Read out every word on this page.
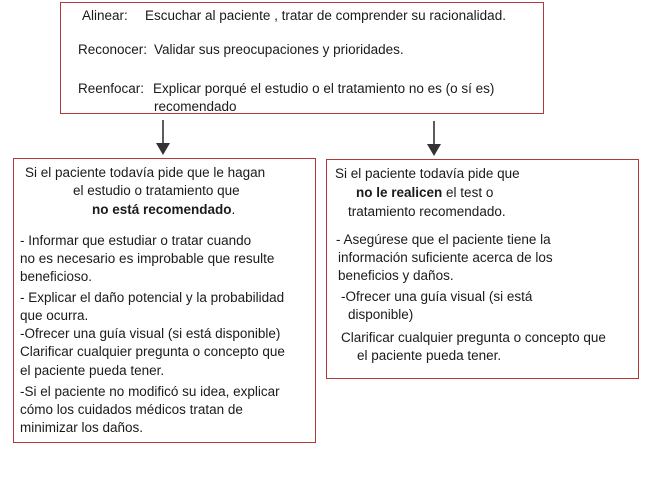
Alinear: Escuchar al paciente , tratar de comprender su racionalidad.
Reconocer: Validar sus preocupaciones y prioridades.
Reenfocar: Explicar porqué el estudio o el tratamiento no es (o sí es)
recomendado
Si el paciente todavía pide que le hagan
el estudio o tratamiento que
no está recomendado.
- Informar que estudiar o tratar cuando
no es necesario es improbable que resulte
beneficioso.
- Explicar el daño potencial y la probabilidad
que ocurra.
-Ofrecer una guía visual (si está disponible)
Clarificar cualquier pregunta o concepto que
el paciente pueda tener.
-Si el paciente no modificó su idea, explicar
cómo los cuidados médicos tratan de
minimizar los daños.
Si el paciente todavía pide que
no le realicen el test o
tratamiento recomendado.
- Asegúrese que el paciente tiene la
información suficiente acerca de los
beneficios y daños.
-Ofrecer una guía visual (si está
disponible)
Clarificar cualquier pregunta o concepto que
el paciente pueda tener.
